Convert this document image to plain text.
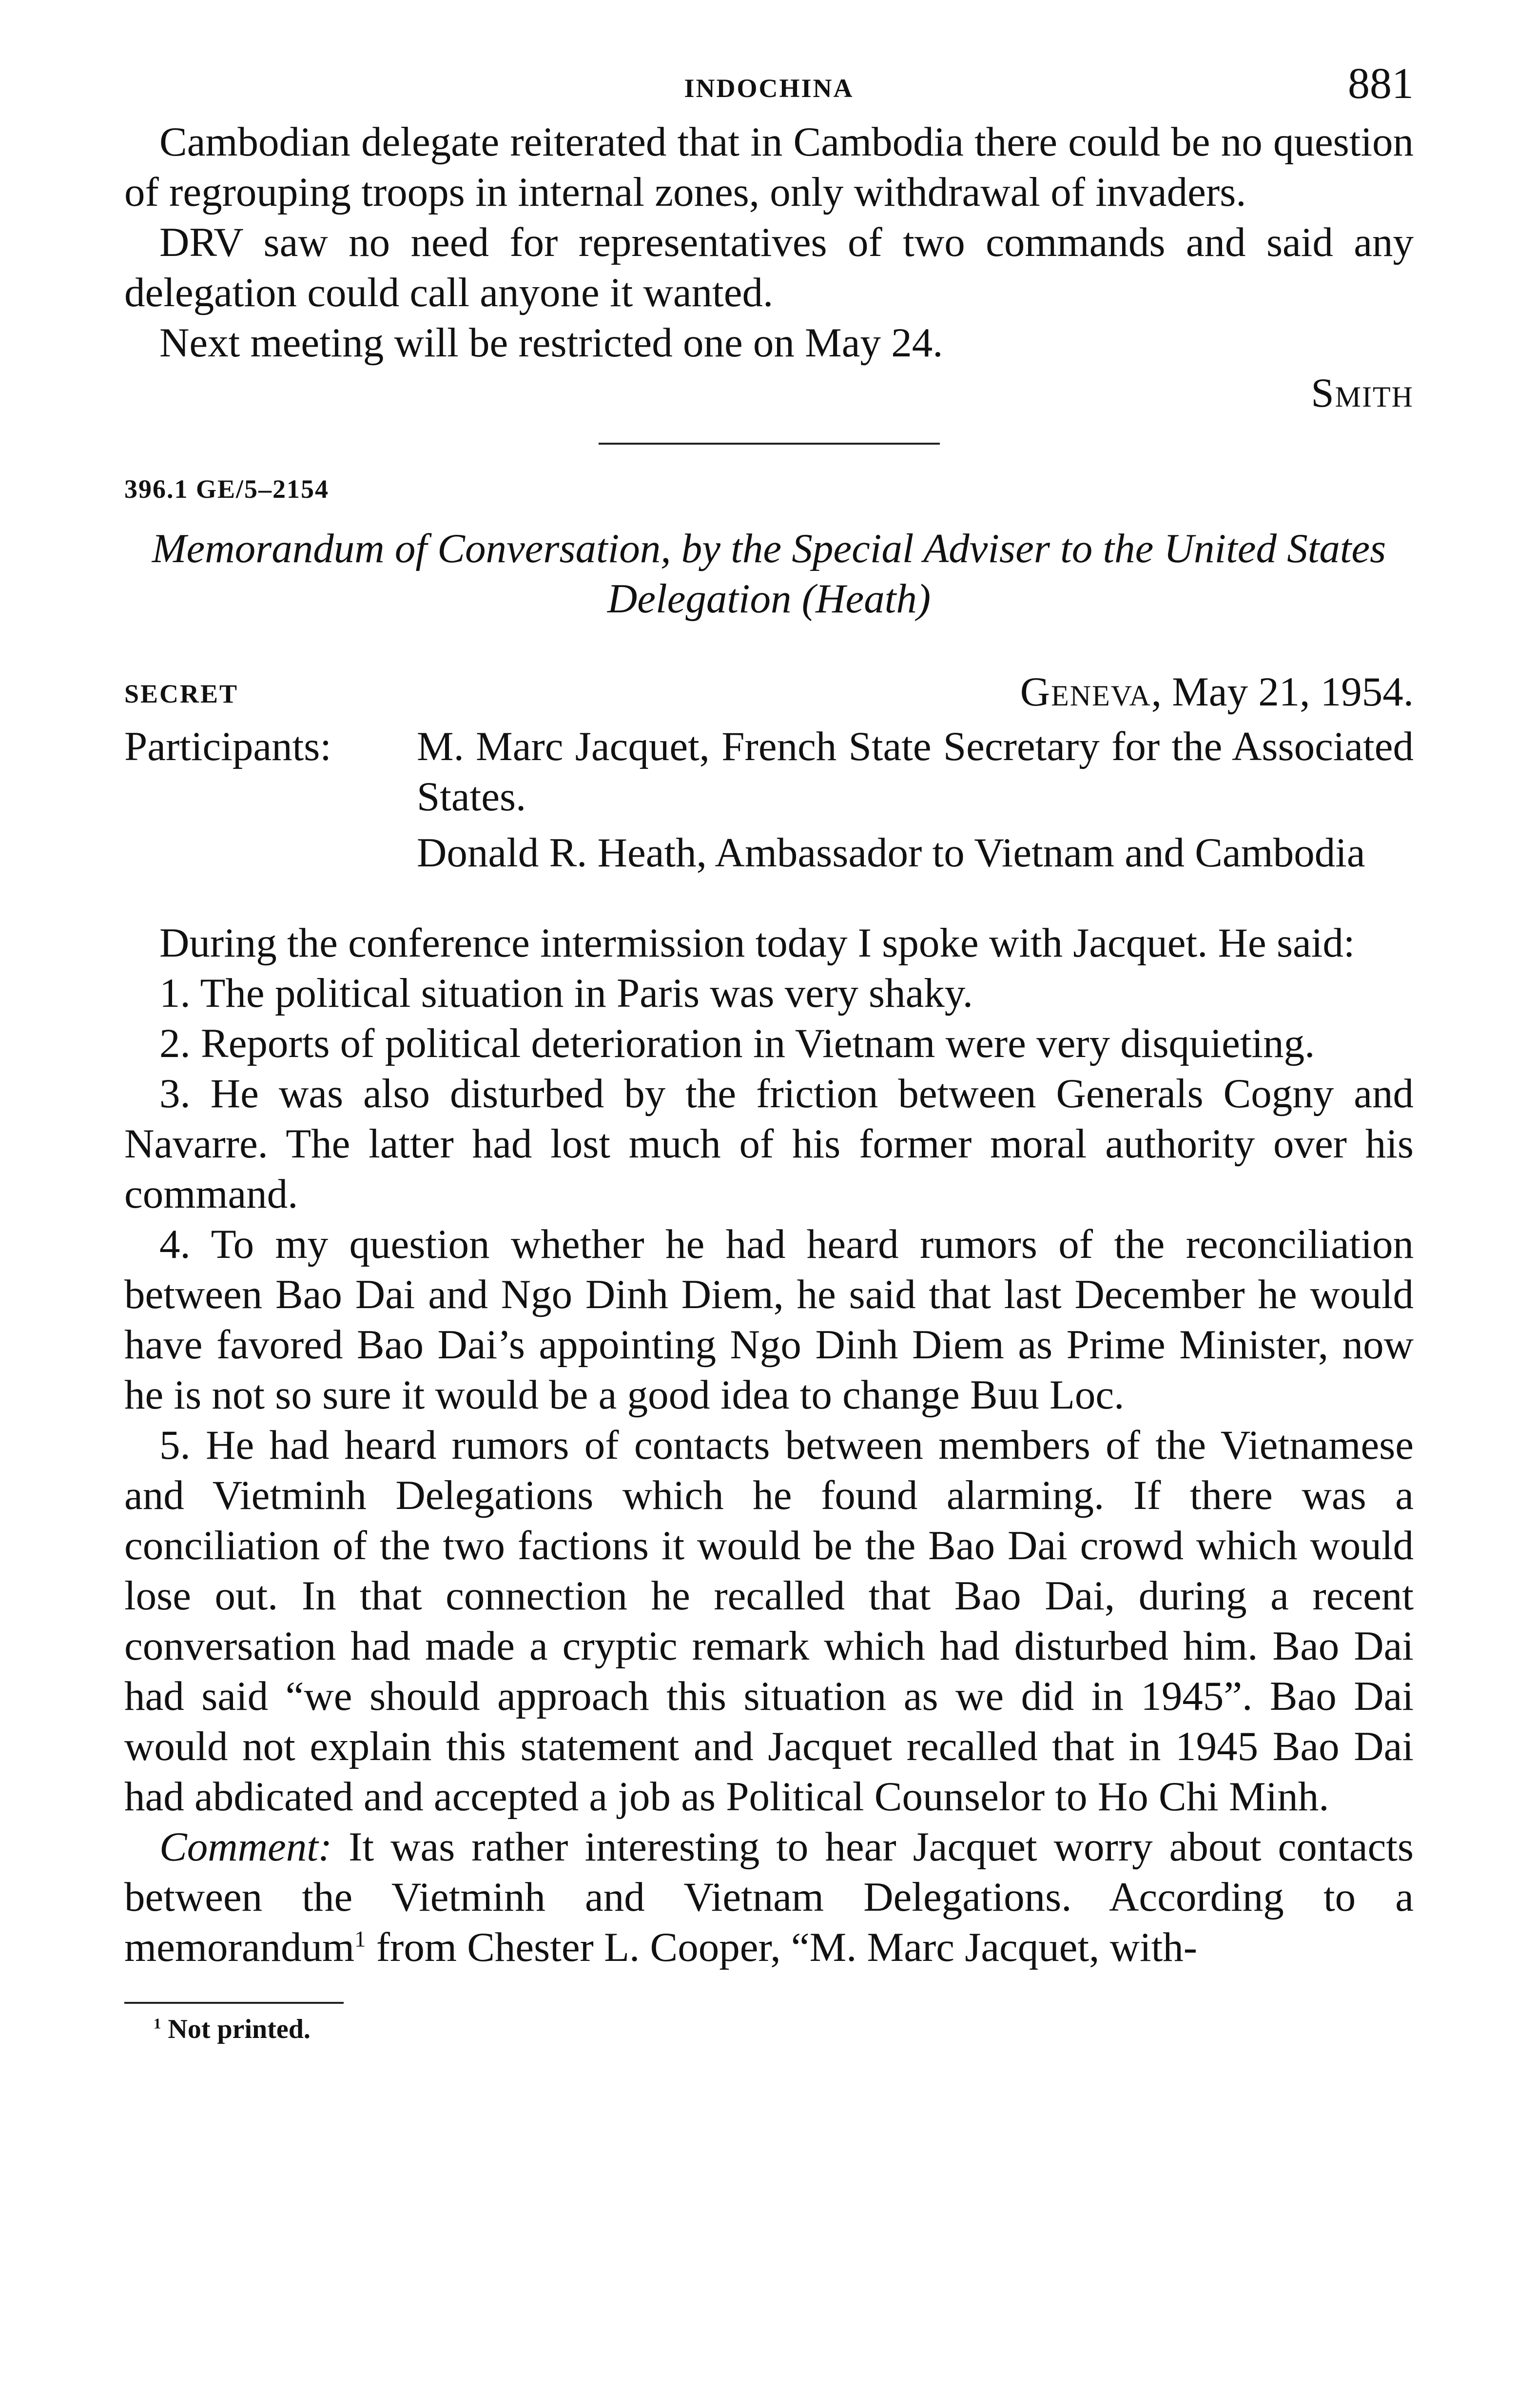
INDOCHINA	881

Cambodian delegate reiterated that in Cambodia there could be no question of regrouping troops in internal zones, only withdrawal of invaders.

DRV saw no need for representatives of two commands and said any delegation could call anyone it wanted.

Next meeting will be restricted one on May 24.

Smith

396.1 GE/5–2154
Memorandum of Conversation, by the Special Adviser to the United States Delegation (Heath)
SECRET	Geneva, May 21, 1954.
Participants:	M. Marc Jacquet, French State Secretary for the Associated States.
Donald R. Heath, Ambassador to Vietnam and Cambodia

During the conference intermission today I spoke with Jacquet. He said:

1. The political situation in Paris was very shaky.

2. Reports of political deterioration in Vietnam were very disquieting.

3. He was also disturbed by the friction between Generals Cogny and Navarre. The latter had lost much of his former moral authority over his command.

4. To my question whether he had heard rumors of the reconciliation between Bao Dai and Ngo Dinh Diem, he said that last December he would have favored Bao Dai’s appointing Ngo Dinh Diem as Prime Minister, now he is not so sure it would be a good idea to change Buu Loc.

5. He had heard rumors of contacts between members of the Vietnamese and Vietminh Delegations which he found alarming. If there was a conciliation of the two factions it would be the Bao Dai crowd which would lose out. In that connection he recalled that Bao Dai, during a recent conversation had made a cryptic remark which had disturbed him. Bao Dai had said “we should approach this situation as we did in 1945”. Bao Dai would not explain this statement and Jacquet recalled that in 1945 Bao Dai had abdicated and accepted a job as Political Counselor to Ho Chi Minh.

Comment: It was rather interesting to hear Jacquet worry about contacts between the Vietminh and Vietnam Delegations. According to a memorandum$^1$ from Chester L. Cooper, “M. Marc Jacquet, with-

$^1$ Not printed.
